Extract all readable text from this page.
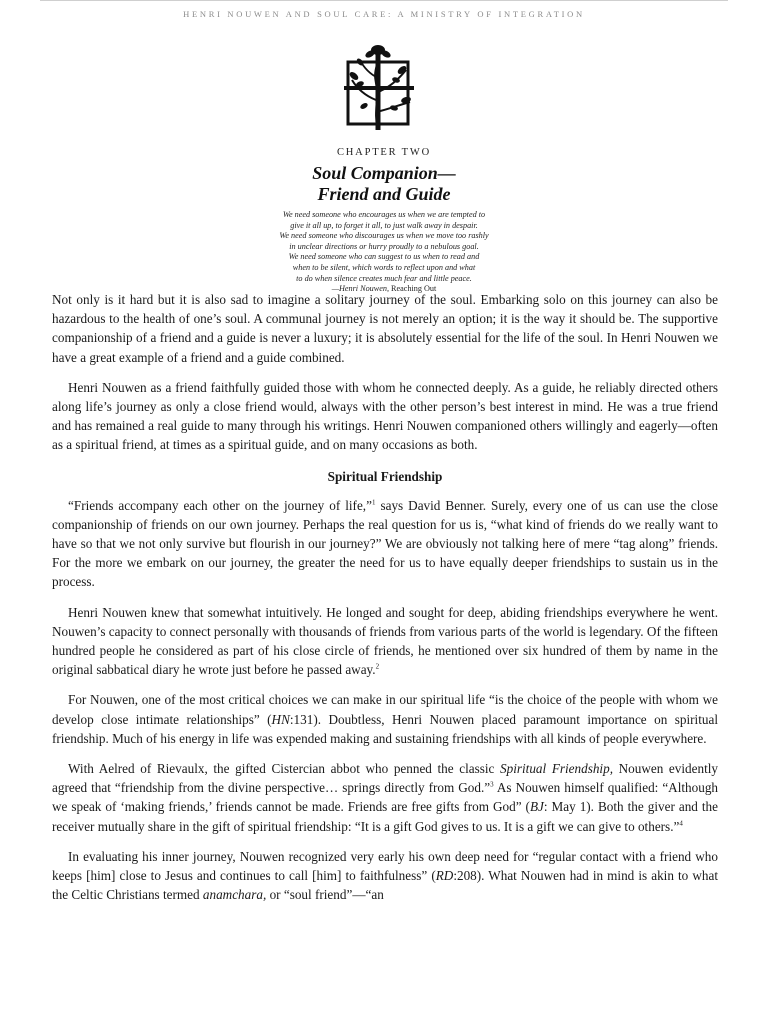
HENRI NOUWEN AND SOUL CARE: A MINISTRY OF INTEGRATION
CHAPTER TWO
Soul Companion—
Friend and Guide
We need someone who encourages us when we are tempted to
give it all up, to forget it all, to just walk away in despair.
We need someone who discourages us when we move too rashly
in unclear directions or hurry proudly to a nebulous goal.
We need someone who can suggest to us when to read and
when to be silent, which words to reflect upon and what
to do when silence creates much fear and little peace.
—Henri Nouwen, Reaching Out

Not only is it hard but it is also sad to imagine a solitary journey of the soul. Embarking solo on this journey can also be hazardous to the health of one’s soul. A communal journey is not merely an option; it is the way it should be. The supportive companionship of a friend and a guide is never a luxury; it is absolutely essential for the life of the soul. In Henri Nouwen we have a great example of a friend and a guide combined.

Henri Nouwen as a friend faithfully guided those with whom he connected deeply. As a guide, he reliably directed others along life’s journey as only a close friend would, always with the other person’s best interest in mind. He was a true friend and has remained a real guide to many through his writings. Henri Nouwen companioned others willingly and eagerly—often as a spiritual friend, at times as a spiritual guide, and on many occasions as both.

Spiritual Friendship

“Friends accompany each other on the journey of life,”$^1$ says David Benner. Surely, every one of us can use the close companionship of friends on our own journey. Perhaps the real question for us is, “what kind of friends do we really want to have so that we not only survive but flourish in our journey?” We are obviously not talking here of mere “tag along” friends. For the more we embark on our journey, the greater the need for us to have equally deeper friendships to sustain us in the process.

Henri Nouwen knew that somewhat intuitively. He longed and sought for deep, abiding friendships everywhere he went. Nouwen’s capacity to connect personally with thousands of friends from various parts of the world is legendary. Of the fifteen hundred people he considered as part of his close circle of friends, he mentioned over six hundred of them by name in the original sabbatical diary he wrote just before he passed away.$^2$

For Nouwen, one of the most critical choices we can make in our spiritual life “is the choice of the people with whom we develop close intimate relationships” (HN:131). Doubtless, Henri Nouwen placed paramount importance on spiritual friendship. Much of his energy in life was expended making and sustaining friendships with all kinds of people everywhere.

With Aelred of Rievaulx, the gifted Cistercian abbot who penned the classic Spiritual Friendship, Nouwen evidently agreed that “friendship from the divine perspective… springs directly from God.”$^3$ As Nouwen himself qualified: “Although we speak of ‘making friends,’ friends cannot be made. Friends are free gifts from God” (BJ: May 1). Both the giver and the receiver mutually share in the gift of spiritual friendship: “It is a gift God gives to us. It is a gift we can give to others.”$^4$

In evaluating his inner journey, Nouwen recognized very early his own deep need for “regular contact with a friend who keeps [him] close to Jesus and continues to call [him] to faithfulness” (RD:208). What Nouwen had in mind is akin to what the Celtic Christians termed anamchara, or “soul friend”—“an
